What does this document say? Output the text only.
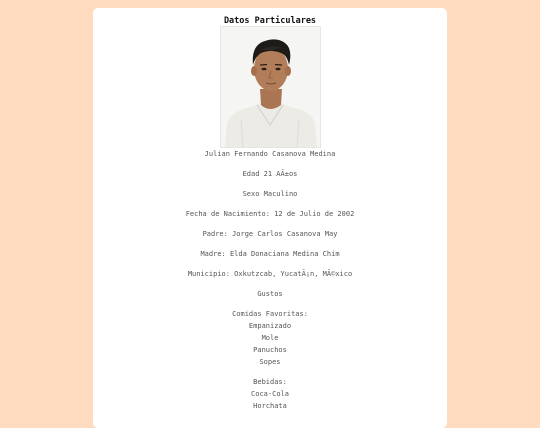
Datos Particulares
Julian Fernando Casanova Medina
Edad 21 AÃ±os
Sexo Maculino
Fecha de Nacimiento: 12 de Julio de 2002
Padre: Jorge Carlos Casanova May
Madre: Elda Donaciana Medina Chim
Municipio: Oxkutzcab, YucatÃ¡n, MÃ©xico
Gustos
Comidas Favoritas:
Empanizado
Mole
Panuchos
Sopes
Bebidas:
Coca-Cola
Horchata
